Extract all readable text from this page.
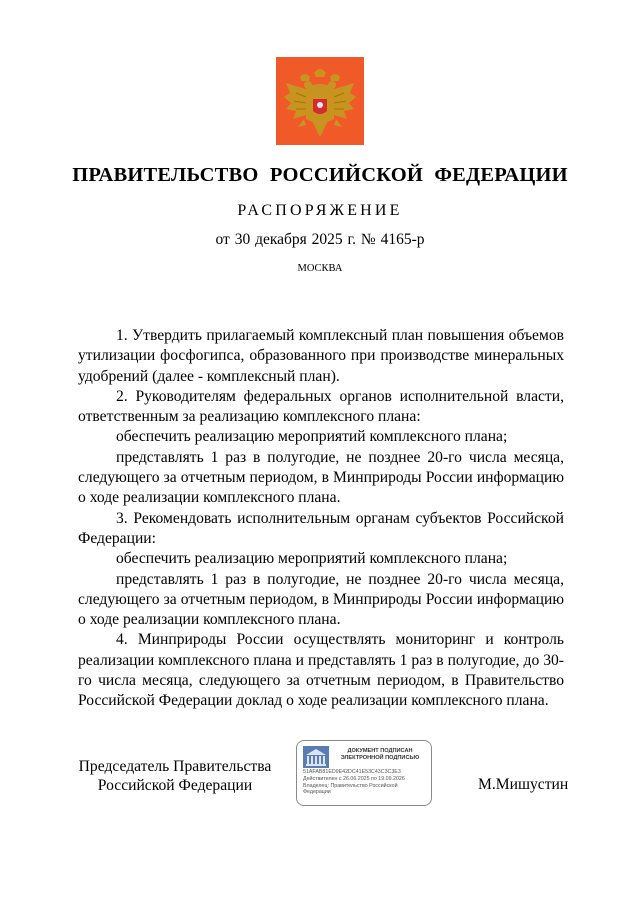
ПРАВИТЕЛЬСТВО РОССИЙСКОЙ ФЕДЕРАЦИИ
РАСПОРЯЖЕНИЕ
от 30 декабря 2025 г. № 4165-р
МОСКВА

1. Утвердить прилагаемый комплексный план повышения объемов утилизации фосфогипса, образованного при производстве минеральных удобрений (далее - комплексный план).

2. Руководителям федеральных органов исполнительной власти, ответственным за реализацию комплексного плана:

обеспечить реализацию мероприятий комплексного плана;

представлять 1 раз в полугодие, не позднее 20-го числа месяца, следующего за отчетным периодом, в Минприроды России информацию о ходе реализации комплексного плана.

3. Рекомендовать исполнительным органам субъектов Российской Федерации:

обеспечить реализацию мероприятий комплексного плана;

представлять 1 раз в полугодие, не позднее 20-го числа месяца, следующего за отчетным периодом, в Минприроды России информацию о ходе реализации комплексного плана.

4. Минприроды России осуществлять мониторинг и контроль реализации комплексного плана и представлять 1 раз в полугодие, до 30-го числа месяца, следующего за отчетным периодом, в Правительство Российской Федерации доклад о ходе реализации комплексного плана.

Председатель Правительства
Российской Федерации
ДОКУМЕНТ ПОДПИСАН
ЭЛЕКТРОННОЙ ПОДПИСЬЮ
51AFAB81ED9E42DC41E53C43C3C3E3
Действителен с 26.06.2025 по 19.09.2026
Владелец: Правительство Российской
Федерации	М.Мишустин
